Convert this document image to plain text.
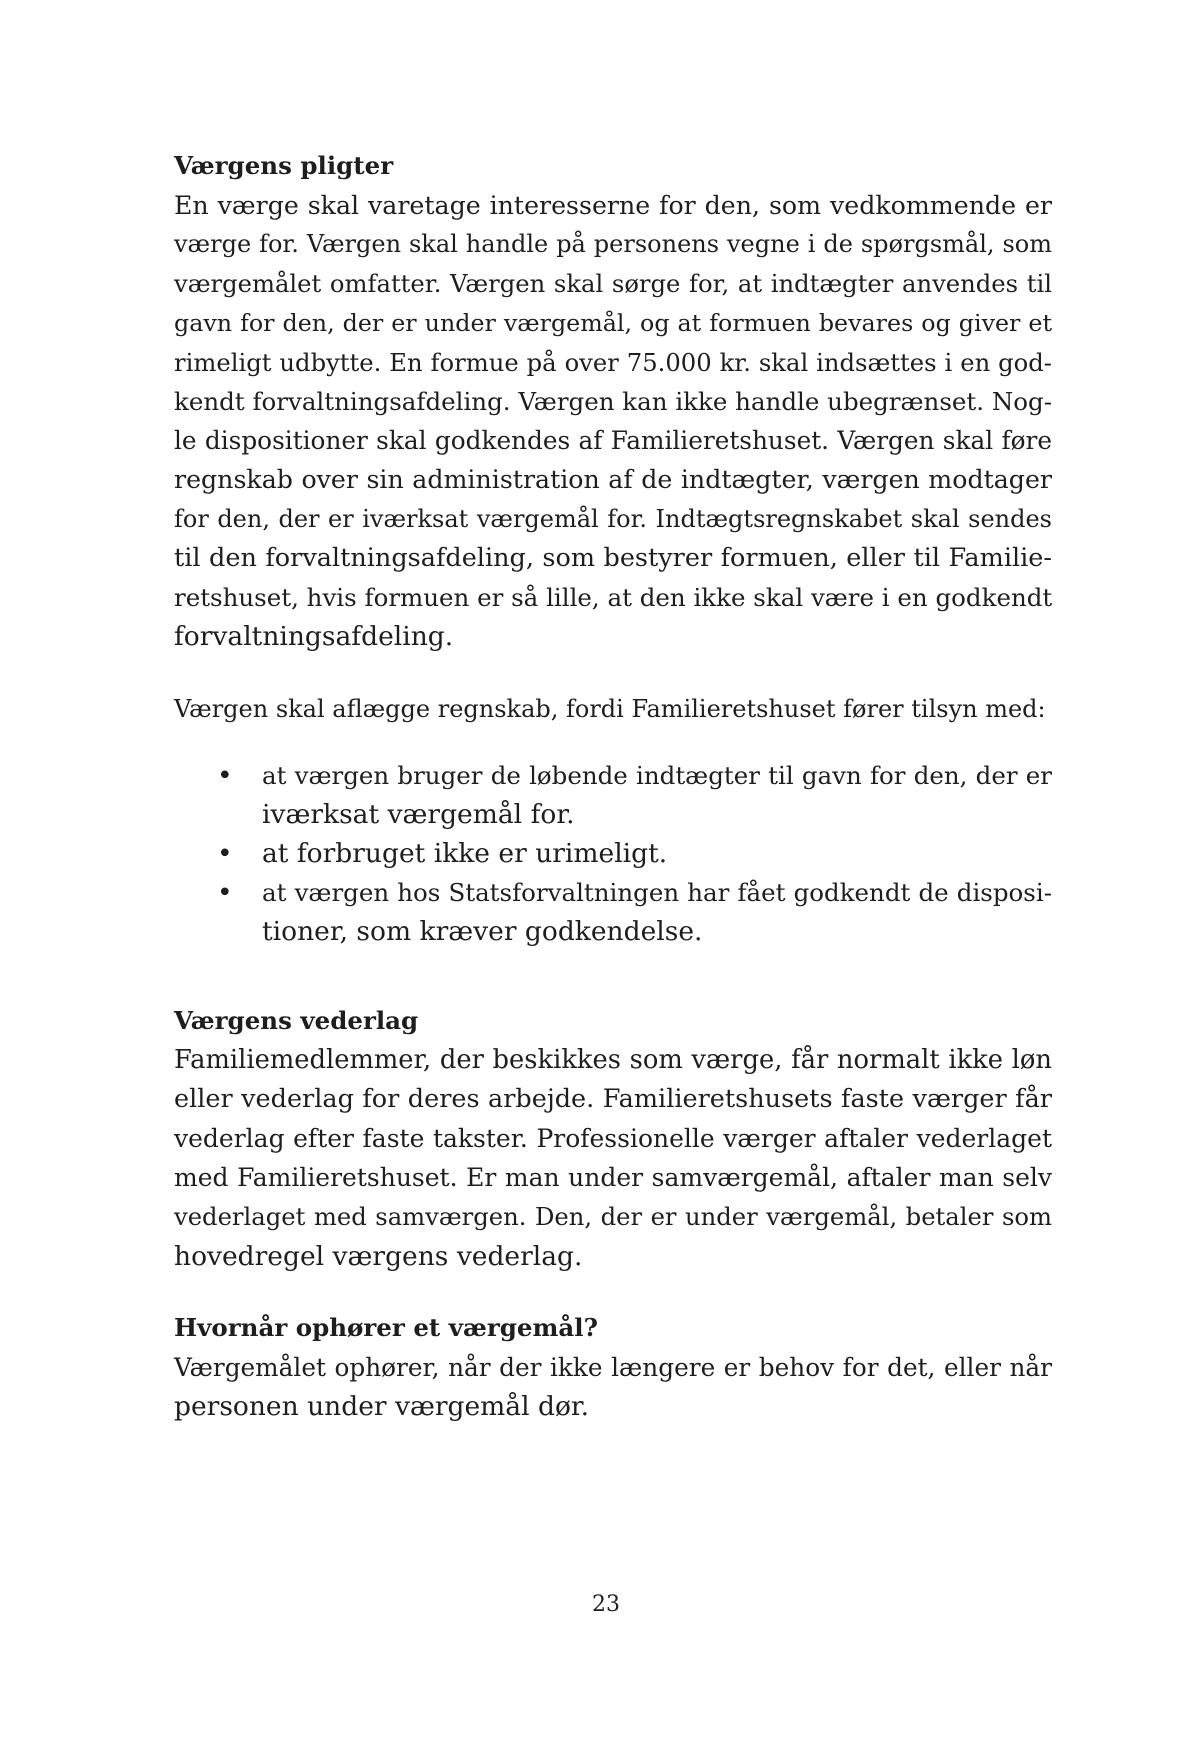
Værgens pligter

En værge skal varetage interesserne for den, som vedkommende er
værge for. Værgen skal handle på personens vegne i de spørgsmål, som
værgemålet omfatter. Værgen skal sørge for, at indtægter anvendes til
gavn for den, der er under værgemål, og at formuen bevares og giver et
rimeligt udbytte. En formue på over 75.000 kr. skal indsættes i en god-
kendt forvaltningsafdeling. Værgen kan ikke handle ubegrænset. Nog-
le dispositioner skal godkendes af Familieretshuset. Værgen skal føre
regnskab over sin administration af de indtægter, værgen modtager
for den, der er iværksat værgemål for. Indtægtsregnskabet skal sendes
til den forvaltningsafdeling, som bestyrer formuen, eller til Familie-
retshuset, hvis formuen er så lille, at den ikke skal være i en godkendt
forvaltningsafdeling.

Værgen skal aflægge regnskab, fordi Familieretshuset fører tilsyn med:

• at værgen bruger de løbende indtægter til gavn for den, der er
iværksat værgemål for.
• at forbruget ikke er urimeligt.
• at værgen hos Statsforvaltningen har fået godkendt de disposi-
tioner, som kræver godkendelse.

Værgens vederlag

Familiemedlemmer, der beskikkes som værge, får normalt ikke løn
eller vederlag for deres arbejde. Familieretshusets faste værger får
vederlag efter faste takster. Professionelle værger aftaler vederlaget
med Familieretshuset. Er man under samværgemål, aftaler man selv
vederlaget med samværgen. Den, der er under værgemål, betaler som
hovedregel værgens vederlag.

Hvornår ophører et værgemål?

Værgemålet ophører, når der ikke længere er behov for det, eller når
personen under værgemål dør.

23
